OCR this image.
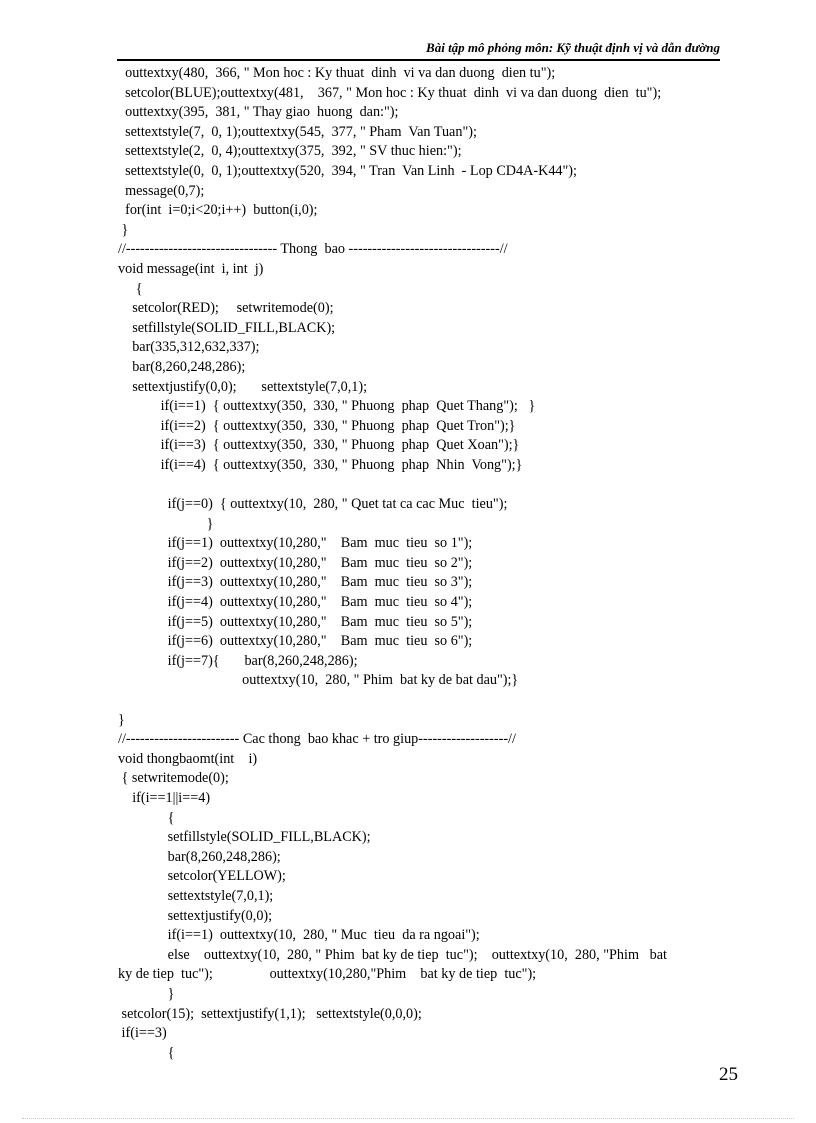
Bài tập mô phỏng môn: Kỹ thuật định vị và dẫn đường
outtextxy(480,  366, " Mon hoc : Ky thuat  dinh  vi va dan duong  dien tu");
setcolor(BLUE);outtextxy(481,    367, " Mon hoc : Ky thuat  dinh  vi va dan duong  dien  tu");
outtextxy(395,  381, " Thay giao  huong  dan:");
settextstyle(7,  0, 1);outtextxy(545,  377, " Pham  Van Tuan");
settextstyle(2,  0, 4);outtextxy(375,  392, " SV thuc hien:");
settextstyle(0,  0, 1);outtextxy(520,  394, " Tran  Van Linh  - Lop CD4A-K44");
message(0,7);
for(int  i=0;i<20;i++)  button(i,0);
}
//-------------------------------- Thong  bao --------------------------------//
void message(int  i, int  j)
{
setcolor(RED);     setwritemode(0);
setfillstyle(SOLID_FILL,BLACK);
bar(335,312,632,337);
bar(8,260,248,286);
settextjustify(0,0);       settextstyle(7,0,1);
if(i==1)  { outtextxy(350,  330, " Phuong  phap  Quet Thang");   }
if(i==2)  { outtextxy(350,  330, " Phuong  phap  Quet Tron");}
if(i==3)  { outtextxy(350,  330, " Phuong  phap  Quet Xoan");}
if(i==4)  { outtextxy(350,  330, " Phuong  phap  Nhin  Vong");}
if(j==0)  { outtextxy(10,  280, " Quet tat ca cac Muc  tieu");
}
if(j==1)  outtextxy(10,280,"    Bam  muc  tieu  so 1");
if(j==2)  outtextxy(10,280,"    Bam  muc  tieu  so 2");
if(j==3)  outtextxy(10,280,"    Bam  muc  tieu  so 3");
if(j==4)  outtextxy(10,280,"    Bam  muc  tieu  so 4");
if(j==5)  outtextxy(10,280,"    Bam  muc  tieu  so 5");
if(j==6)  outtextxy(10,280,"    Bam  muc  tieu  so 6");
if(j==7){       bar(8,260,248,286);
outtextxy(10,  280, " Phim  bat ky de bat dau");}
}
//------------------------ Cac thong  bao khac + tro giup-------------------//
void thongbaomt(int    i)
{ setwritemode(0);
if(i==1||i==4)
{
setfillstyle(SOLID_FILL,BLACK);
bar(8,260,248,286);
setcolor(YELLOW);
settextstyle(7,0,1);
settextjustify(0,0);
if(i==1)  outtextxy(10,  280, " Muc  tieu  da ra ngoai");
else    outtextxy(10,  280, " Phim  bat ky de tiep  tuc");    outtextxy(10,  280, "Phim   bat
ky de tiep  tuc");                outtextxy(10,280,"Phim    bat ky de tiep  tuc");
}
setcolor(15);  settextjustify(1,1);   settextstyle(0,0,0);
if(i==3)
{
25
